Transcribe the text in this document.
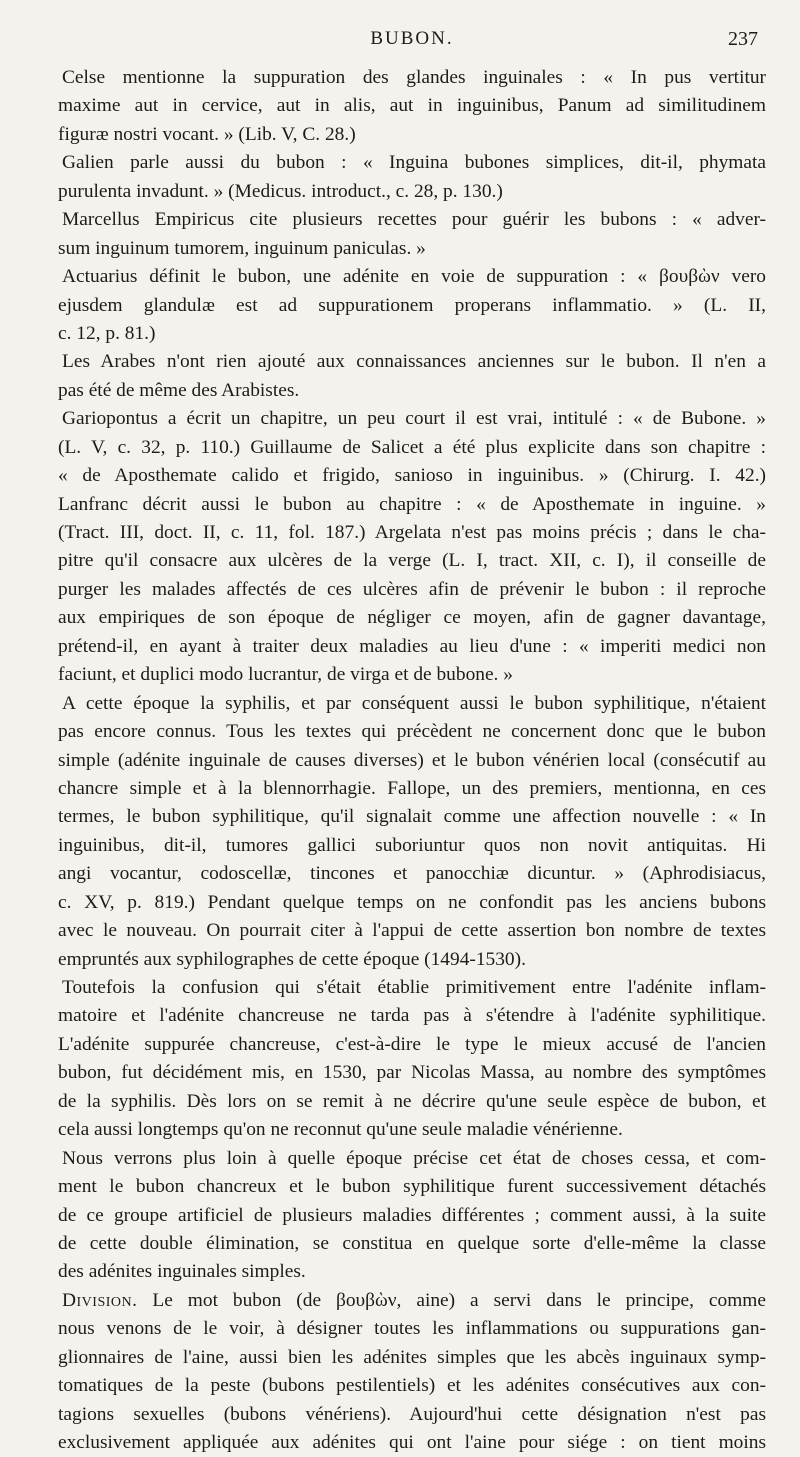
BUBON.	237
Celse mentionne la suppuration des glandes inguinales : « In pus vertitur
maxime aut in cervice, aut in alis, aut in inguinibus, Panum ad similitudinem
figuræ nostri vocant. » (Lib. V, C. 28.)
Galien parle aussi du bubon : « Inguina bubones simplices, dit-il, phymata
purulenta invadunt. » (Medicus. introduct., c. 28, p. 130.)
Marcellus Empiricus cite plusieurs recettes pour guérir les bubons : « adver-
sum inguinum tumorem, inguinum paniculas. »
Actuarius définit le bubon, une adénite en voie de suppuration : « βουβὼν vero
ejusdem glandulæ est ad suppurationem properans inflammatio. » (L. II,
c. 12, p. 81.)
Les Arabes n'ont rien ajouté aux connaissances anciennes sur le bubon. Il n'en a
pas été de même des Arabistes.
Gariopontus a écrit un chapitre, un peu court il est vrai, intitulé : « de Bubone. »
(L. V, c. 32, p. 110.) Guillaume de Salicet a été plus explicite dans son chapitre :
« de Aposthemate calido et frigido, sanioso in inguinibus. » (Chirurg. I. 42.)
Lanfranc décrit aussi le bubon au chapitre : « de Aposthemate in inguine. »
(Tract. III, doct. II, c. 11, fol. 187.) Argelata n'est pas moins précis ; dans le cha-
pitre qu'il consacre aux ulcères de la verge (L. I, tract. XII, c. I), il conseille de
purger les malades affectés de ces ulcères afin de prévenir le bubon : il reproche
aux empiriques de son époque de négliger ce moyen, afin de gagner davantage,
prétend-il, en ayant à traiter deux maladies au lieu d'une : « imperiti medici non
faciunt, et duplici modo lucrantur, de virga et de bubone. »
A cette époque la syphilis, et par conséquent aussi le bubon syphilitique, n'étaient
pas encore connus. Tous les textes qui précèdent ne concernent donc que le bubon
simple (adénite inguinale de causes diverses) et le bubon vénérien local (consécutif au
chancre simple et à la blennorrhagie. Fallope, un des premiers, mentionna, en ces
termes, le bubon syphilitique, qu'il signalait comme une affection nouvelle : « In
inguinibus, dit-il, tumores gallici suboriuntur quos non novit antiquitas. Hi
angi vocantur, codoscellæ, tincones et panocchiæ dicuntur. » (Aphrodisiacus,
c. XV, p. 819.) Pendant quelque temps on ne confondit pas les anciens bubons
avec le nouveau. On pourrait citer à l'appui de cette assertion bon nombre de textes
empruntés aux syphilographes de cette époque (1494-1530).
Toutefois la confusion qui s'était établie primitivement entre l'adénite inflam-
matoire et l'adénite chancreuse ne tarda pas à s'étendre à l'adénite syphilitique.
L'adénite suppurée chancreuse, c'est-à-dire le type le mieux accusé de l'ancien
bubon, fut décidément mis, en 1530, par Nicolas Massa, au nombre des symptômes
de la syphilis. Dès lors on se remit à ne décrire qu'une seule espèce de bubon, et
cela aussi longtemps qu'on ne reconnut qu'une seule maladie vénérienne.
Nous verrons plus loin à quelle époque précise cet état de choses cessa, et com-
ment le bubon chancreux et le bubon syphilitique furent successivement détachés
de ce groupe artificiel de plusieurs maladies différentes ; comment aussi, à la suite
de cette double élimination, se constitua en quelque sorte d'elle-même la classe
des adénites inguinales simples.
Division. Le mot bubon (de βουβὼν, aine) a servi dans le principe, comme
nous venons de le voir, à désigner toutes les inflammations ou suppurations gan-
glionnaires de l'aine, aussi bien les adénites simples que les abcès inguinaux symp-
tomatiques de la peste (bubons pestilentiels) et les adénites consécutives aux con-
tagions sexuelles (bubons vénériens). Aujourd'hui cette désignation n'est pas
exclusivement appliquée aux adénites qui ont l'aine pour siége : on tient moins
